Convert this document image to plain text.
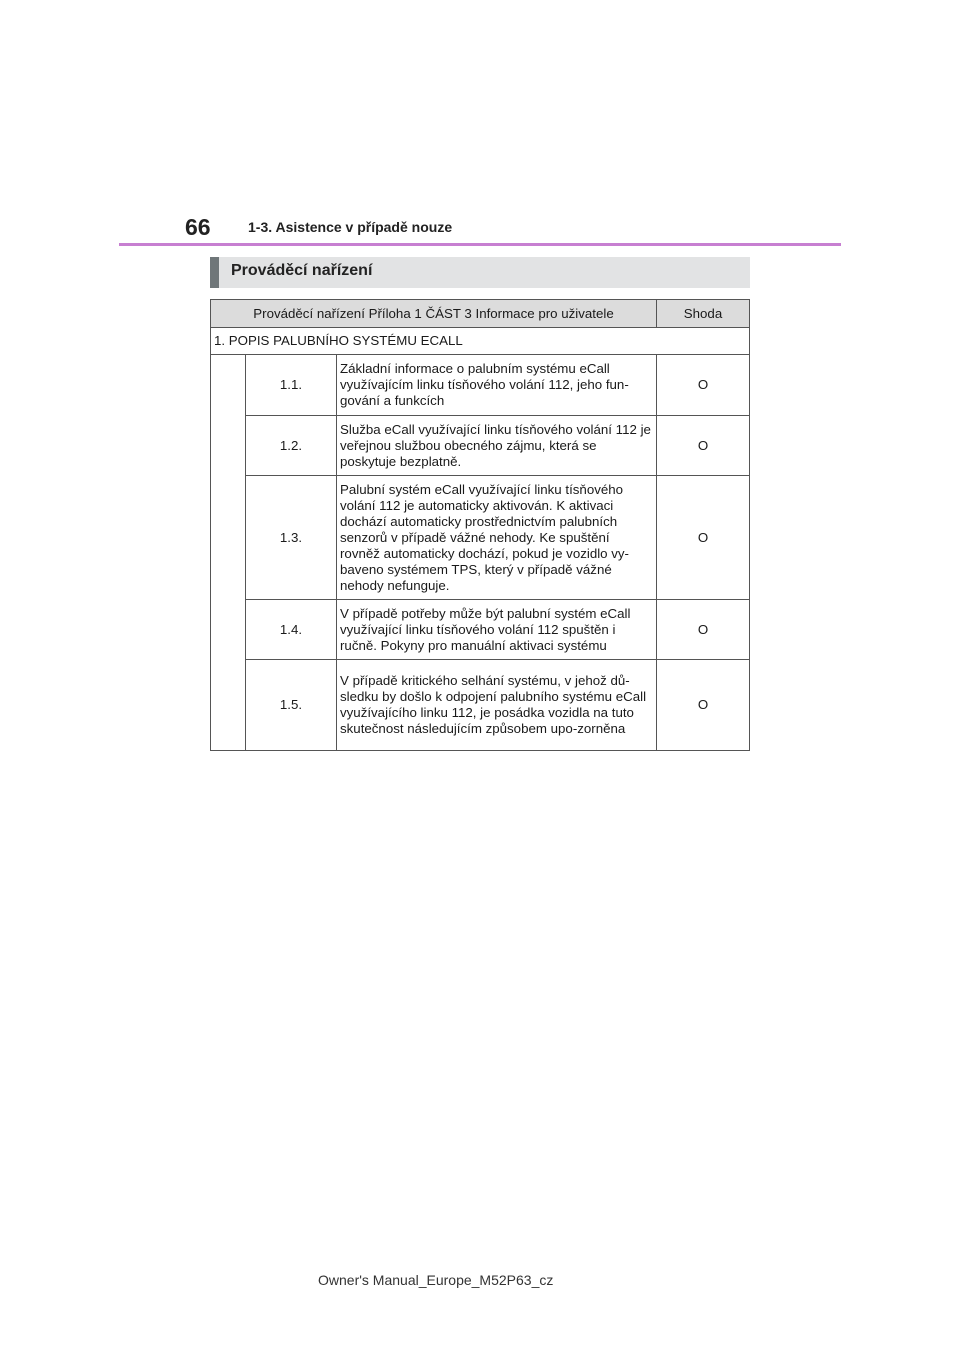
66	1-3. Asistence v případě nouze
Prováděcí nařízení
Prováděcí nařízení Příloha 1 ČÁST 3 Informace pro uživatele			Shoda
1. POPIS PALUBNÍHO SYSTÉMU ECALL			
	1.1.	Základní informace o palubním systému eCall využívajícím linku tísňového volání 112, jeho fun-gování a funkcích	O
	1.2.	Služba eCall využívající linku tísňového volání 112 je veřejnou službou obecného zájmu, která se poskytuje bezplatně.	O
	1.3.	Palubní systém eCall využívající linku tísňového volání 112 je automaticky aktivován. K aktivaci dochází automaticky prostřednictvím palubních senzorů v případě vážné nehody. Ke spuštění rovněž automaticky dochází, pokud je vozidlo vy-baveno systémem TPS, který v případě vážné nehody nefunguje.	O
	1.4.	V případě potřeby může být palubní systém eCall využívající linku tísňového volání 112 spuštěn i ručně. Pokyny pro manuální aktivaci systému	O
	1.5.	V případě kritického selhání systému, v jehož dů-sledku by došlo k odpojení palubního systému eCall využívajícího linku 112, je posádka vozidla na tuto skutečnost následujícím způsobem upo-zorněna	O
Owner's Manual_Europe_M52P63_cz
